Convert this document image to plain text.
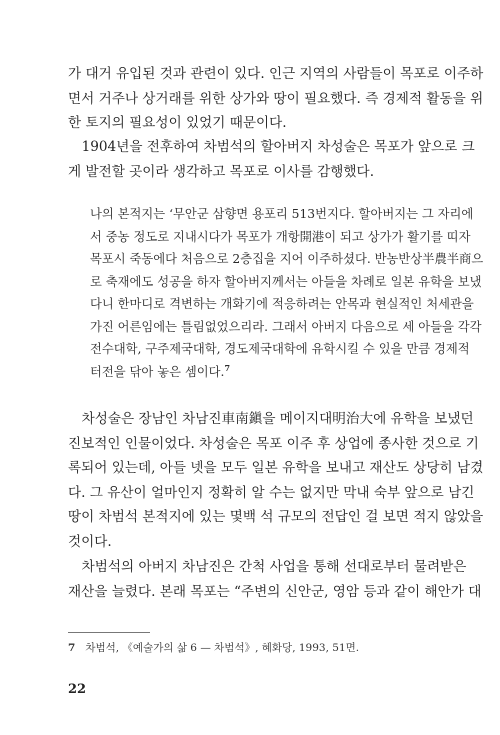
가 대거 유입된 것과 관련이 있다. 인근 지역의 사람들이 목포로 이주하
면서 거주나 상거래를 위한 상가와 땅이 필요했다. 즉 경제적 활동을 위
한 토지의 필요성이 있었기 때문이다.

　1904년을 전후하여 차범석의 할아버지 차성술은 목포가 앞으로 크
게 발전할 곳이라 생각하고 목포로 이사를 감행했다.

나의 본적지는 ‘무안군 삼향면 용포리 513번지다. 할아버지는 그 자리에
서 중농 정도로 지내시다가 목포가 개항開港이 되고 상가가 활기를 띠자
목포시 죽동에다 처음으로 2층집을 지어 이주하셨다. 반농반상半農半商으
로 축재에도 성공을 하자 할아버지께서는 아들을 차례로 일본 유학을 보냈
다니 한마디로 격변하는 개화기에 적응하려는 안목과 현실적인 처세관을
가진 어른임에는 틀림없었으리라. 그래서 아버지 다음으로 세 아들을 각각
전수대학, 구주제국대학, 경도제국대학에 유학시킬 수 있을 만큼 경제적
터전을 닦아 놓은 셈이다.$^7$

　차성술은 장남인 차남진車南鎭을 메이지대明治大에 유학을 보냈던
진보적인 인물이었다. 차성술은 목포 이주 후 상업에 종사한 것으로 기
록되어 있는데, 아들 넷을 모두 일본 유학을 보내고 재산도 상당히 남겼
다. 그 유산이 얼마인지 정확히 알 수는 없지만 막내 숙부 앞으로 남긴
땅이 차범석 본적지에 있는 몇백 석 규모의 전답인 걸 보면 적지 않았을
것이다.

　차범석의 아버지 차남진은 간척 사업을 통해 선대로부터 물려받은
재산을 늘렸다. 본래 목포는 “주변의 신안군, 영암 등과 같이 해안가 대

7 차범석, 《예술가의 삶 6 — 차범석》, 혜화당, 1993, 51면.
22
